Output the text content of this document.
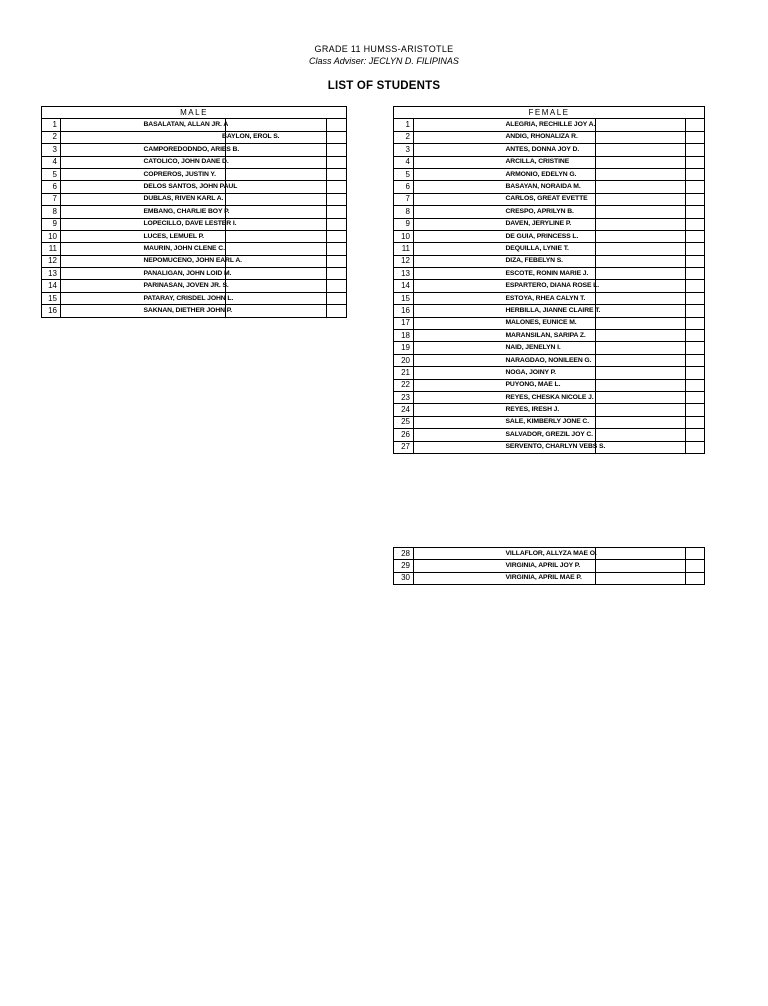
GRADE 11 HUMSS-ARISTOTLE
Class Adviser: JECLYN D. FILIPINAS
LIST OF STUDENTS
MALE			
1		BASALATAN, ALLAN JR. A	
2		BAYLON, EROL S.	
3		CAMPOREDODNDO, ARIES B.	
4		CATOLICO, JOHN DANE D.	
5		COPREROS, JUSTIN Y.	
6		DELOS SANTOS, JOHN PAUL	
7		DUBLAS, RIVEN KARL A.	
8		EMBANG, CHARLIE BOY P.	
9		LOPECILLO, DAVE LESTER I.	
10		LUCES, LEMUEL P.	
11		MAURIN, JOHN CLENE C.	
12		NEPOMUCENO, JOHN EARL A.	
13		PANALIGAN, JOHN LOID M.	
14		PARINASAN, JOVEN JR. S.	
15		PATARAY, CRISDEL JOHN L.	
16		SAKNAN, DIETHER JOHN P.	
FEMALE			
1		ALEGRIA, RECHILLE JOY A.	
2		ANDIG, RHONALIZA R.	
3		ANTES, DONNA JOY D.	
4		ARCILLA, CRISTINE	
5		ARMONIO, EDELYN G.	
6		BASAYAN, NORAIDA M.	
7		CARLOS, GREAT EVETTE	
8		CRESPO, APRILYN B.	
9		DAVEN, JERYLINE P.	
10		DE GUIA, PRINCESS L.	
11		DEQUILLA, LYNIE T.	
12		DIZA, FEBELYN S.	
13		ESCOTE, RONIN MARIE J.	
14		ESPARTERO, DIANA ROSE L.	
15		ESTOYA, RHEA CALYN T.	
16		HERBILLA, JIANNE CLAIRE T.	
17		MALONES, EUNICE M.	
18		MARANSILAN, SARIPA Z.	
19		NAID, JENELYN I.	
20		NARAGDAO, NONILEEN G.	
21		NOGA, JOINY P.	
22		PUYONG, MAE L.	
23		REYES, CHESKA NICOLE J.	
24		REYES, IRESH J.	
25		SALE, KIMBERLY JONE C.	
26		SALVADOR, GREZIL JOY C.	
27		SERVENTO, CHARLYN VEBS S.	
28		VILLAFLOR, ALLYZA MAE O.	
29		VIRGINIA, APRIL JOY P.	
30		VIRGINIA, APRIL MAE P.	
